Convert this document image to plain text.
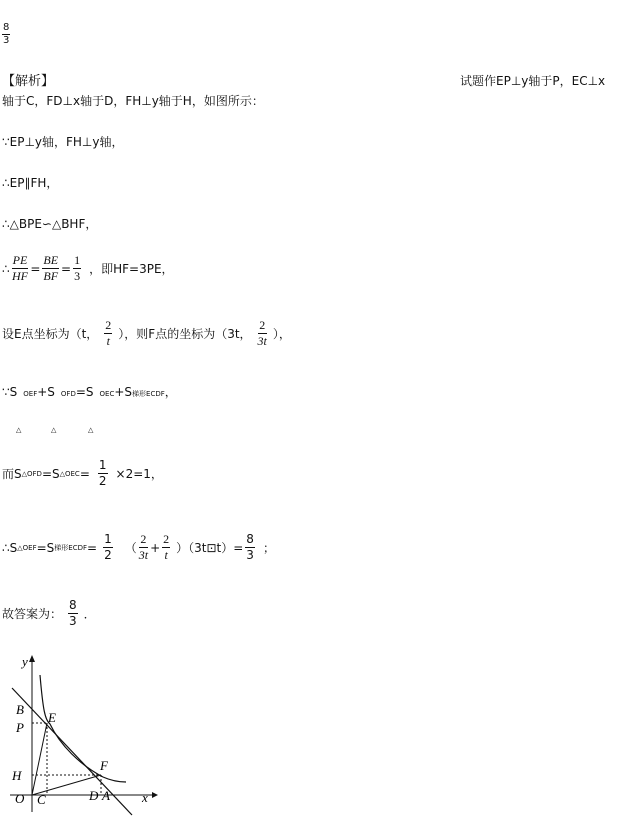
$\frac{8}{3}$
【解析】	试题作EP⊥y轴于P，EC⊥x
轴于C，FD⊥x轴于D，FH⊥y轴于H，如图所示：
∵EP⊥y轴，FH⊥y轴，
∴EP∥FH，
∴△BPE∽△BHF，
∴ $\frac{PE}{HF} = \frac{BE}{BF} = \frac{1}{3}$ ，即HF=3PE，
设E点坐标为（t， $\frac{2}{t}$ ），则F点的坐标为（3t， $\frac{2}{3t}$ ），
∵S OEF+S OFD=S OEC+S梯形ECDF，
△	△	△
而S △OFD =S △OEC = $\frac{1}{2} \times 2=1$，
∴S △OEF =S 梯形ECDF = $\frac{1}{2}$ （ $\frac{2}{3t} + \frac{2}{t}$ ）（3t⊡t）= $\frac{8}{3}$ ；
故答案为： $\frac{8}{3}$ ．
y
x
B
E
P
H
F
O C	D A
